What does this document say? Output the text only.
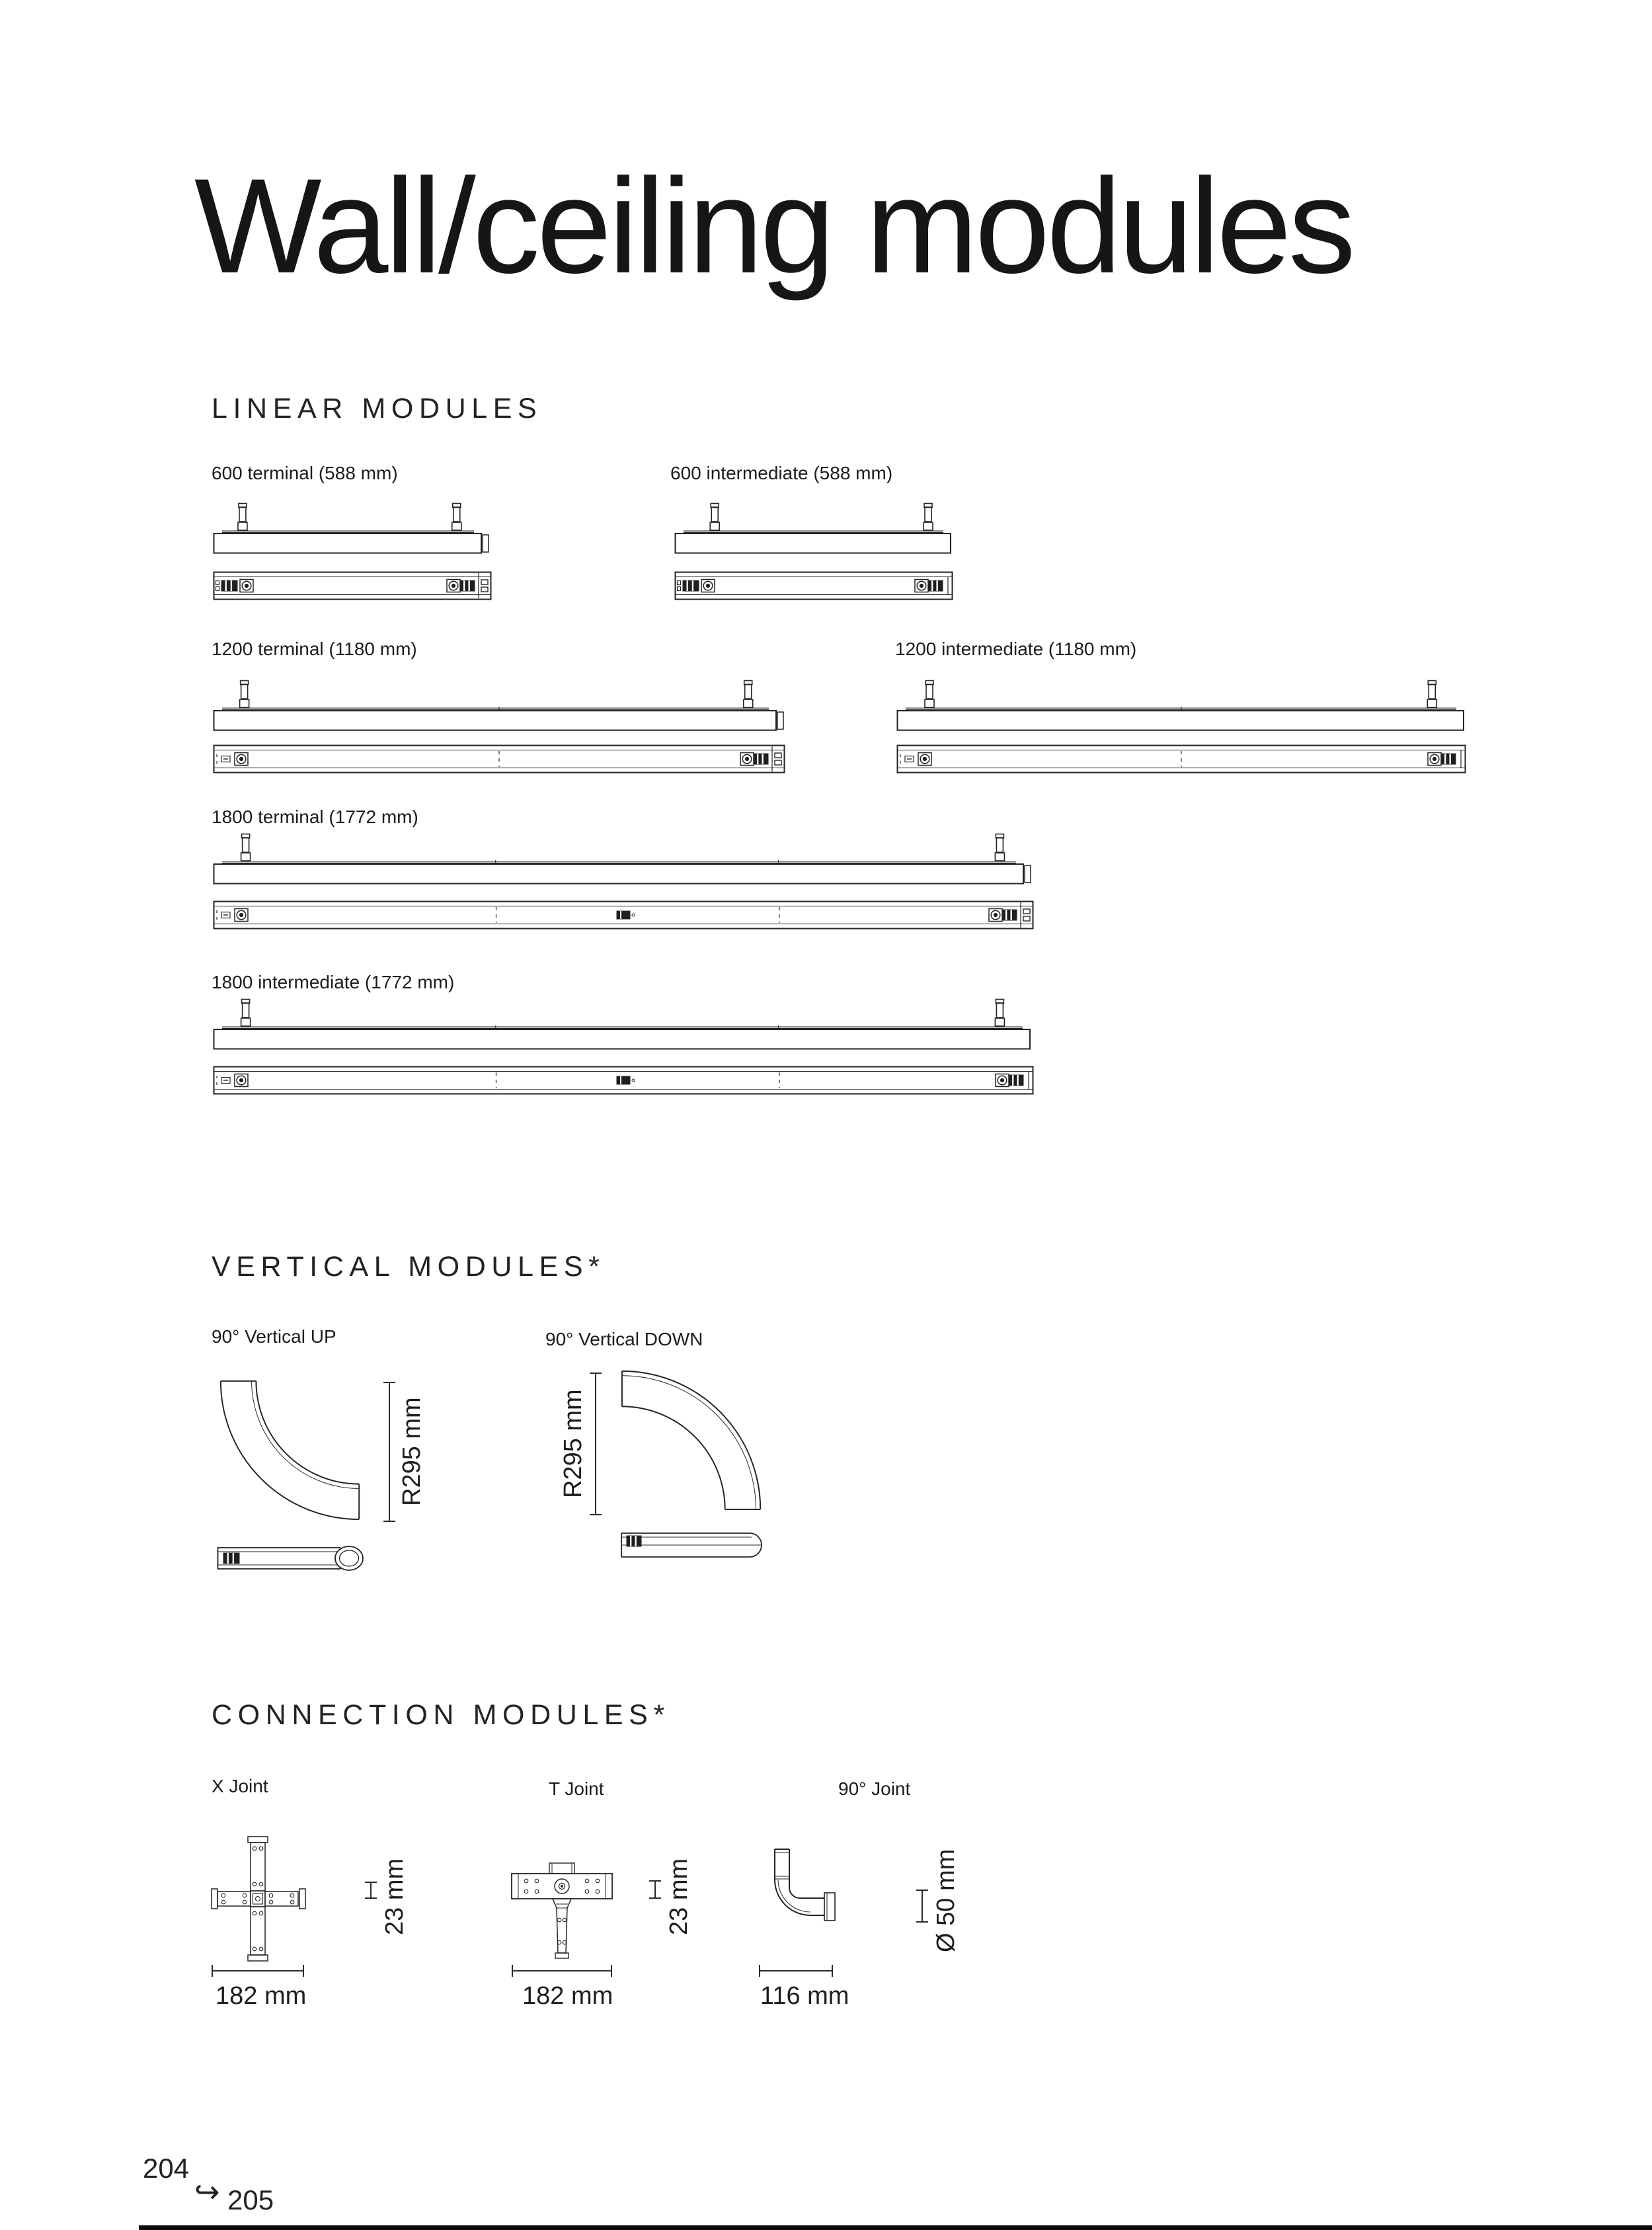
Wall/ceiling modules
LINEAR MODULES
600 terminal (588 mm)	600 intermediate (588 mm)
1200 terminal (1180 mm)	1200 intermediate (1180 mm)
1800 terminal (1772 mm)
1800 intermediate (1772 mm)
VERTICAL MODULES*
90° Vertical UP	90° Vertical DOWN
R295 mm	R295 mm
CONNECTION MODULES*
X Joint	T Joint	90° Joint
23 mm
182 mm
23 mm
182 mm
Ø 50 mm
116 mm
204
↪ 205
